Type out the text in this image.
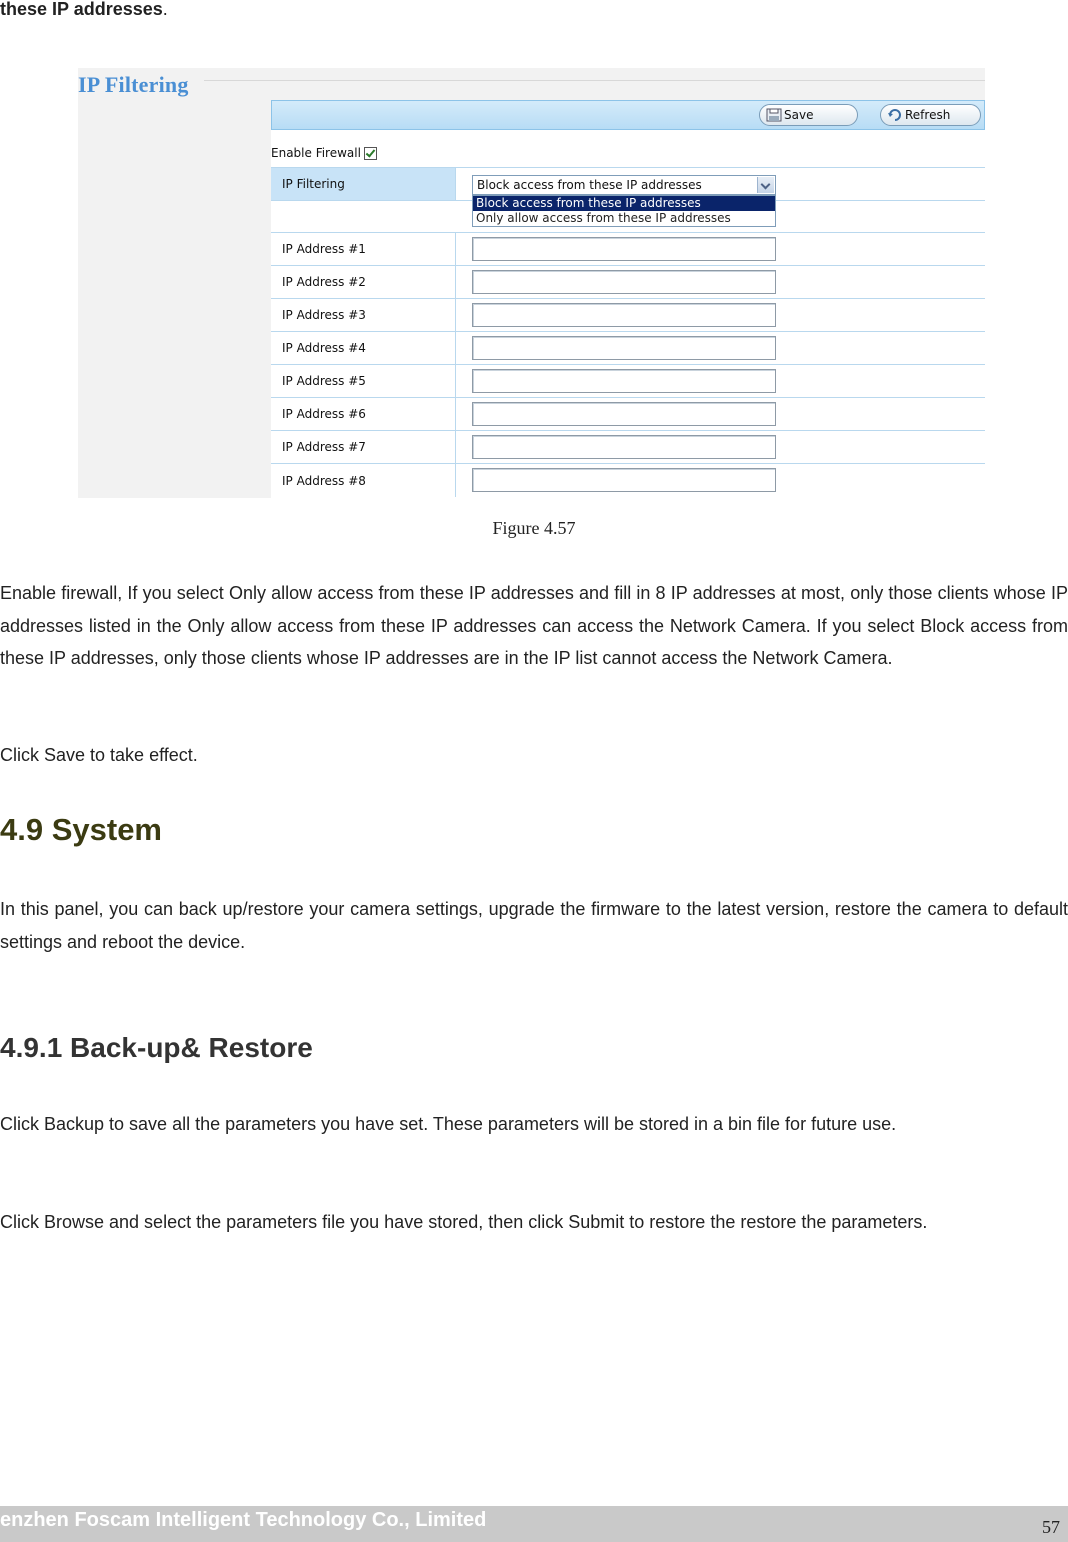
these IP addresses.
IP Filtering
Save	Refresh
Enable Firewall
IP Filtering	Block access from these IP addresses
Block access from these IP addresses
Only allow access from these IP addresses
IP Address #1
IP Address #2
IP Address #3
IP Address #4
IP Address #5
IP Address #6
IP Address #7
IP Address #8
Figure 4.57
Enable firewall, If you select Only allow access from these IP addresses and fill in 8 IP addresses at most, only those clients whose IP addresses listed in the Only allow access from these IP addresses can access the Network Camera. If you select Block access from these IP addresses, only those clients whose IP addresses are in the IP list cannot access the Network Camera.
Click Save to take effect.
4.9 System
In this panel, you can back up/restore your camera settings, upgrade the firmware to the latest version, restore the camera to default settings and reboot the device.
4.9.1 Back-up& Restore
Click Backup to save all the parameters you have set. These parameters will be stored in a bin file for future use.
Click Browse and select the parameters file you have stored, then click Submit to restore the restore the parameters.
enzhen Foscam Intelligent Technology Co., Limited	57
